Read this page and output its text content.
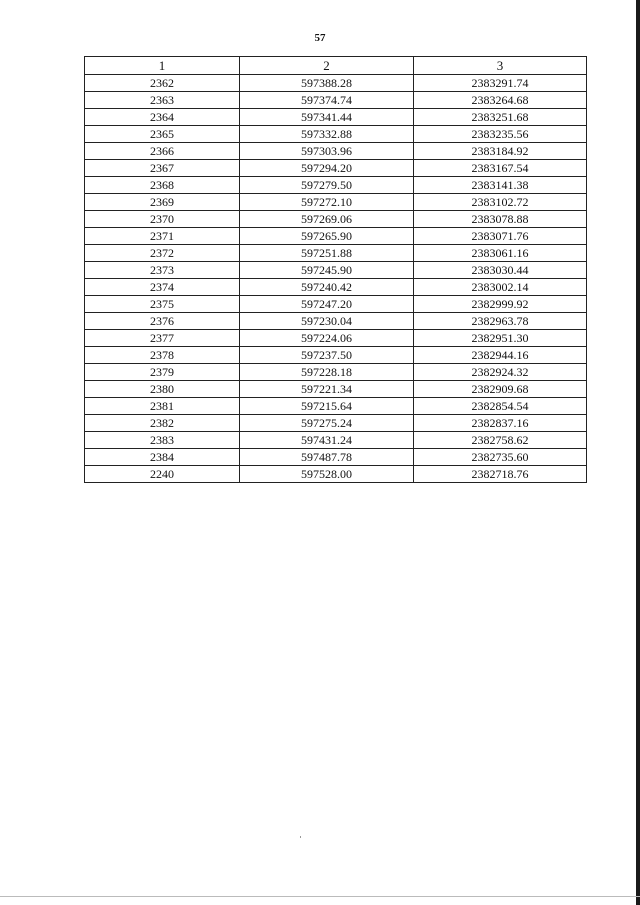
57
1	2	3
2362	597388.28	2383291.74
2363	597374.74	2383264.68
2364	597341.44	2383251.68
2365	597332.88	2383235.56
2366	597303.96	2383184.92
2367	597294.20	2383167.54
2368	597279.50	2383141.38
2369	597272.10	2383102.72
2370	597269.06	2383078.88
2371	597265.90	2383071.76
2372	597251.88	2383061.16
2373	597245.90	2383030.44
2374	597240.42	2383002.14
2375	597247.20	2382999.92
2376	597230.04	2382963.78
2377	597224.06	2382951.30
2378	597237.50	2382944.16
2379	597228.18	2382924.32
2380	597221.34	2382909.68
2381	597215.64	2382854.54
2382	597275.24	2382837.16
2383	597431.24	2382758.62
2384	597487.78	2382735.60
2240	597528.00	2382718.76
